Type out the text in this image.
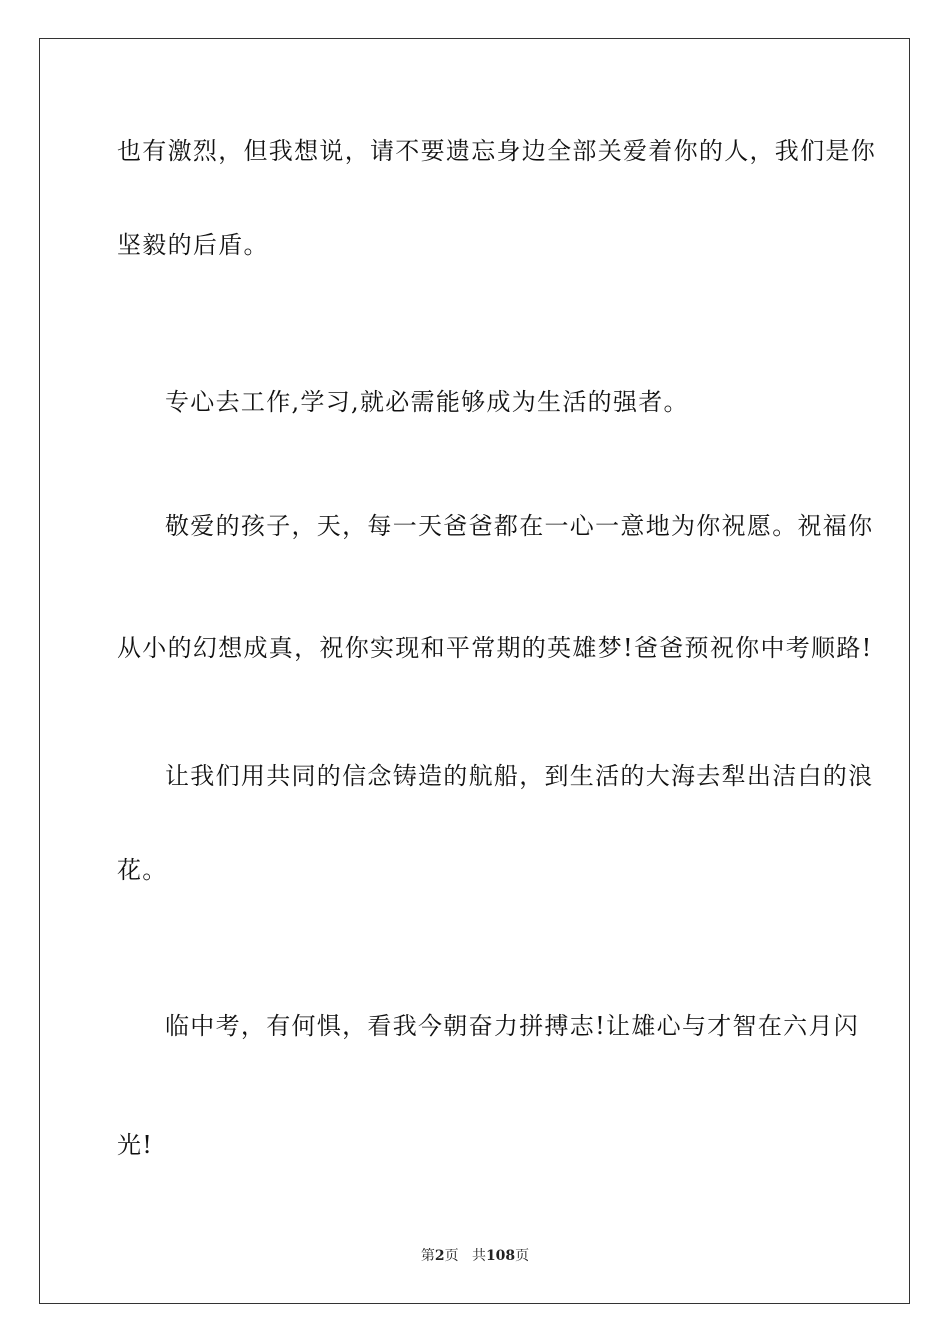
也有激烈，但我想说，请不要遗忘身边全部关爱着你的人，我们是你
坚毅的后盾。
专心去工作,学习,就必需能够成为生活的强者。
敬爱的孩子，天，每一天爸爸都在一心一意地为你祝愿。祝福你
从小的幻想成真，祝你实现和平常期的英雄梦!爸爸预祝你中考顺路!
让我们用共同的信念铸造的航船，到生活的大海去犁出洁白的浪
花。
临中考，有何惧，看我今朝奋力拼搏志!让雄心与才智在六月闪
光!
第2页 共108页
